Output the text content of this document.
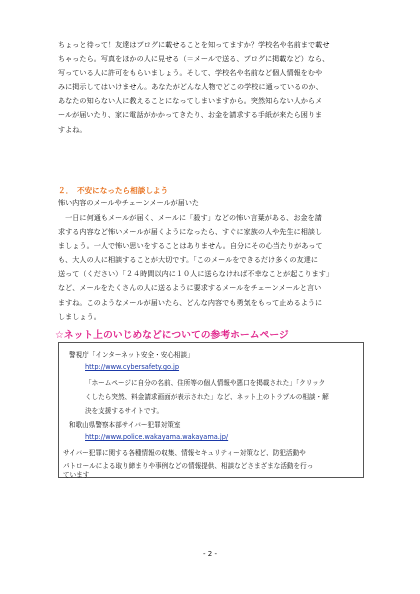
ちょっと待って！友達はブログに載せることを知ってますか？学校名や名前まで載せ
ちゃったら。写真をほかの人に見せる（＝メールで送る、ブログに掲載など）なら、
写っている人に許可をもらいましょう。そして、学校名や名前など個人情報をむや
みに掲示してはいけません。あなたがどんな人物でどこの学校に通っているのか、
あなたの知らない人に教えることになってしまいますから。突然知らない人からメ
ールが届いたり、家に電話がかかってきたり、お金を請求する手紙が来たら困りま
すよね。
２．　不安になったら相談しよう
怖い内容のメールやチェーンメールが届いた
　一日に何通もメールが届く、メールに「殺す」などの怖い言葉がある、お金を請
求する内容など怖いメールが届くようになったら、すぐに家族の人や先生に相談し
ましょう。一人で怖い思いをすることはありません。自分にその心当たりがあって
も、大人の人に相談することが大切です。「このメールをできるだけ多くの友達に
送って（ください）「２４時間以内に１０人に送らなければ不幸なことが起こります」
など、メールをたくさんの人に送るように要求するメールをチェーンメールと言い
ますね。このようなメールが届いたら、どんな内容でも勇気をもって止めるように
しましょう。
☆ネット上のいじめなどについての参考ホームページ
警視庁「インターネット安全・安心相談」
http://www.cybersafety.go.jp
「ホームページに自分の名前、住所等の個人情報や悪口を掲載された」「クリック
くしたら突然、料金請求画面が表示された」など、ネット上のトラブルの相談・解
決を支援するサイトです。
和歌山県警察本部サイバー犯罪対策室
http://www.police.wakayama.wakayama.jp/
サイバー犯罪に関する各種情報の収集、情報セキュリティー対策など、防犯活動や
パトロールによる取り締まりや事例などの情報提供、相談などさまざまな活動を行っ
ています
- 2 -
